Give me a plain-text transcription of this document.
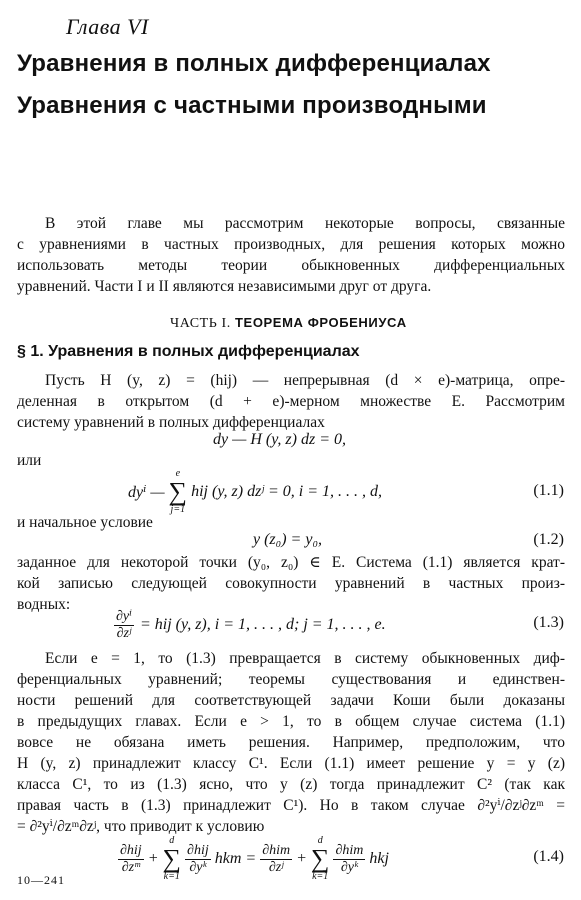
Глава VI
Уравнения в полных дифференциалах
Уравнения с частными производными
В этой главе мы рассмотрим некоторые вопросы, связанные
с уравнениями в частных производных, для решения которых можно
использовать методы теории обыкновенных дифференциальных
уравнений. Части I и II являются независимыми друг от друга.
ЧАСТЬ I. ТЕОРЕМА ФРОБЕНИУСА
§ 1. Уравнения в полных дифференциалах
Пусть H (y, z) = (hij) — непрерывная (d × e)-матрица, опре-
деленная в открытом (d + e)-мерном множестве E. Рассмотрим
систему уравнений в полных дифференциалах
dy — H (y, z) dz = 0,
или
dyⁱ —
e
∑
j=1
hij (y, z) dzʲ = 0, i = 1, . . . , d,	(1.1)
и начальное условие
y (z₀) = y₀,	(1.2)
заданное для некоторой точки (y₀, z₀) ∈ E. Система (1.1) является крат-
кой записью следующей совокупности уравнений в частных произ-
водных:
$\frac{\text{∂yⁱ}}{\text{∂zʲ}}$ = hij (y, z), i = 1, . . . , d; j = 1, . . . , e.	(1.3)
Если e = 1, то (1.3) превращается в систему обыкновенных диф-
ференциальных уравнений; теоремы существования и единствен-
ности решений для соответствующей задачи Коши были доказаны
в предыдущих главах. Если e > 1, то в общем случае система (1.1)
вовсе не обязана иметь решения. Например, предположим, что
H (y, z) принадлежит классу C¹. Если (1.1) имеет решение y = y (z)
класса C¹, то из (1.3) ясно, что y (z) тогда принадлежит C² (так как
правая часть в (1.3) принадлежит C¹). Но в таком случае ∂²yⁱ/∂zʲ∂zᵐ =
= ∂²yⁱ/∂zᵐ∂zʲ, что приводит к условию
$\frac{\text{∂hij}}{\text{∂zᵐ}}$ +
d
∑
k=1
$\frac{\text{∂hij}}{\text{∂yᵏ}}$ hkm = $\frac{\text{∂him}}{\text{∂zʲ}}$ +
d
∑
k=1
$\frac{\text{∂him}}{\text{∂yᵏ}}$ hkj	(1.4)
10—241
